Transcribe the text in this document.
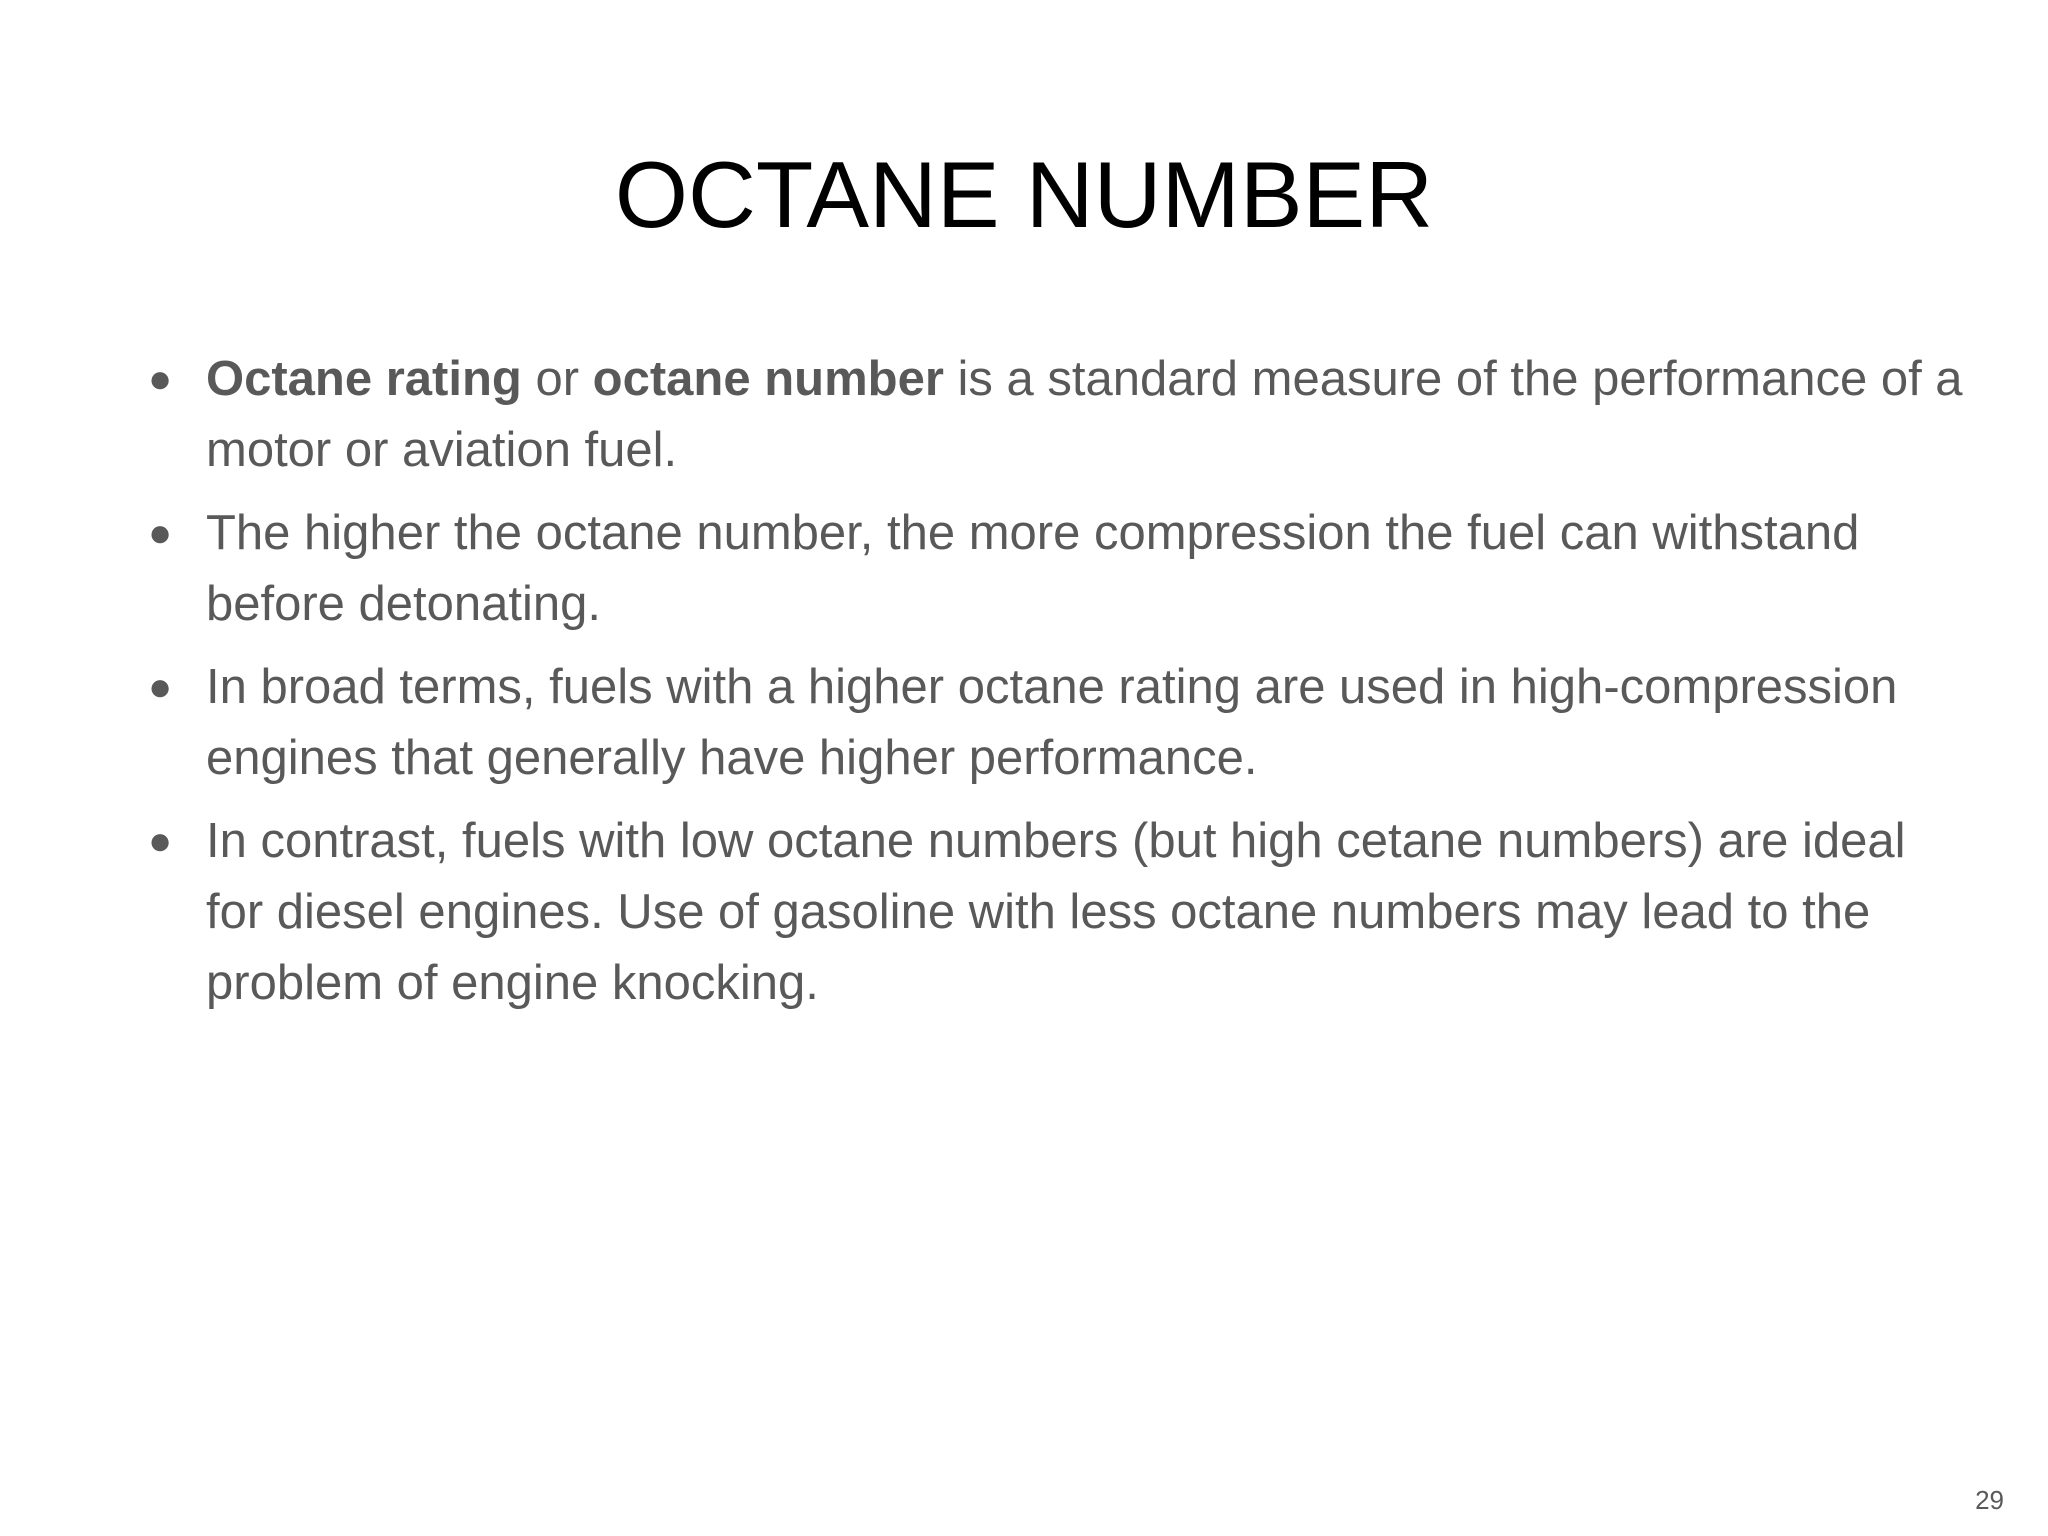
OCTANE NUMBER
● Octane rating or octane number is a standard measure of the performance of a motor or aviation fuel.
● The higher the octane number, the more compression the fuel can withstand before detonating.
● In broad terms, fuels with a higher octane rating are used in high-compression engines that generally have higher performance.
● In contrast, fuels with low octane numbers (but high cetane numbers) are ideal for diesel engines. Use of gasoline with less octane numbers may lead to the problem of engine knocking.
29
